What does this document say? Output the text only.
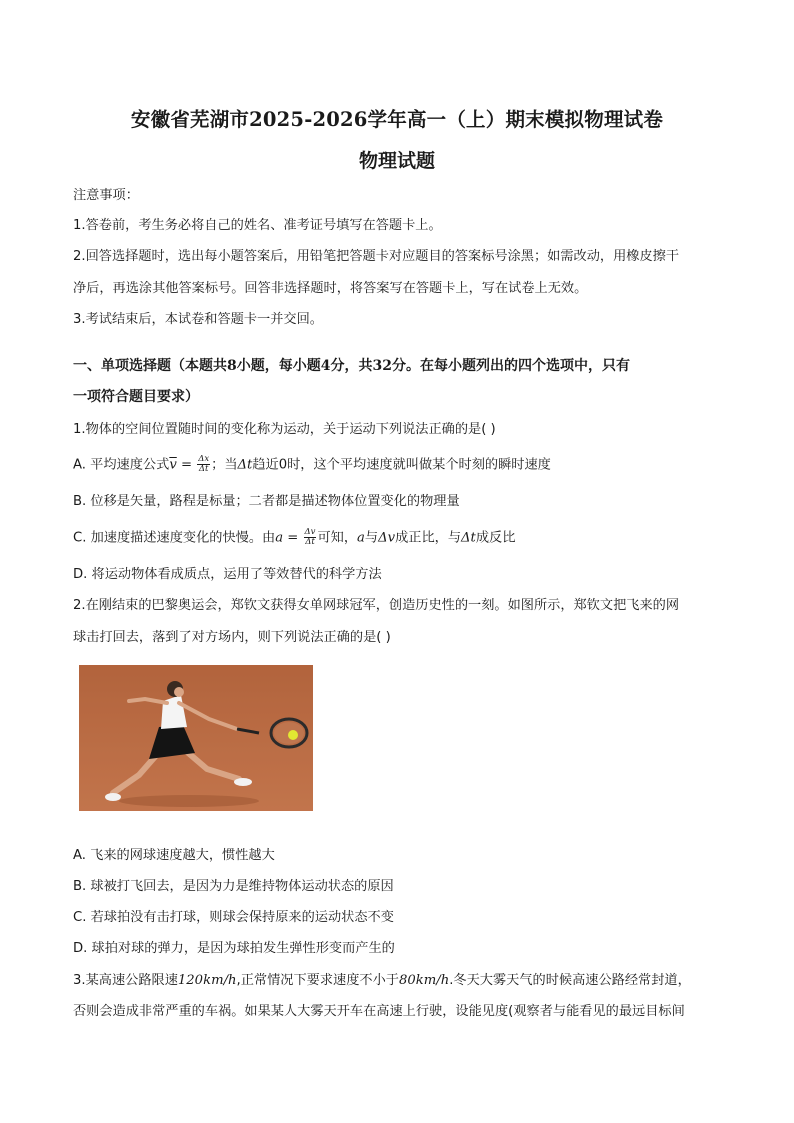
安徽省芜湖市2025-2026学年高一（上）期末模拟物理试卷
物理试题
注意事项：
1.答卷前，考生务必将自己的姓名、准考证号填写在答题卡上。
2.回答选择题时，选出每小题答案后，用铅笔把答题卡对应题目的答案标号涂黑；如需改动，用橡皮擦干
净后，再选涂其他答案标号。回答非选择题时，将答案写在答题卡上，写在试卷上无效。
3.考试结束后，本试卷和答题卡一并交回。
一、单项选择题（本题共8小题，每小题4分，共32分。在每小题列出的四个选项中，只有
一项符合题目要求）
1.物体的空间位置随时间的变化称为运动，关于运动下列说法正确的是( )
A. 平均速度公式$\overline{v} = \frac{\Delta x}{\Delta t}$ ；当Δt趋近0时，这个平均速度就叫做某个时刻的瞬时速度
B. 位移是矢量，路程是标量；二者都是描述物体位置变化的物理量
C. 加速度描述速度变化的快慢。由$a = \frac{\Delta v}{\Delta t}$ 可知，a与Δv成正比，与Δt成反比
D. 将运动物体看成质点，运用了等效替代的科学方法
2.在刚结束的巴黎奥运会，郑钦文获得女单网球冠军，创造历史性的一刻。如图所示，郑钦文把飞来的网
球击打回去，落到了对方场内，则下列说法正确的是( )
A. 飞来的网球速度越大，惯性越大
B. 球被打飞回去，是因为力是维持物体运动状态的原因
C. 若球拍没有击打球，则球会保持原来的运动状态不变
D. 球拍对球的弹力，是因为球拍发生弹性形变而产生的
3.某高速公路限速120km/h,正常情况下要求速度不小于80km/h.冬天大雾天气的时候高速公路经常封道，
否则会造成非常严重的车祸。如果某人大雾天开车在高速上行驶，设能见度(观察者与能看见的最远目标间
